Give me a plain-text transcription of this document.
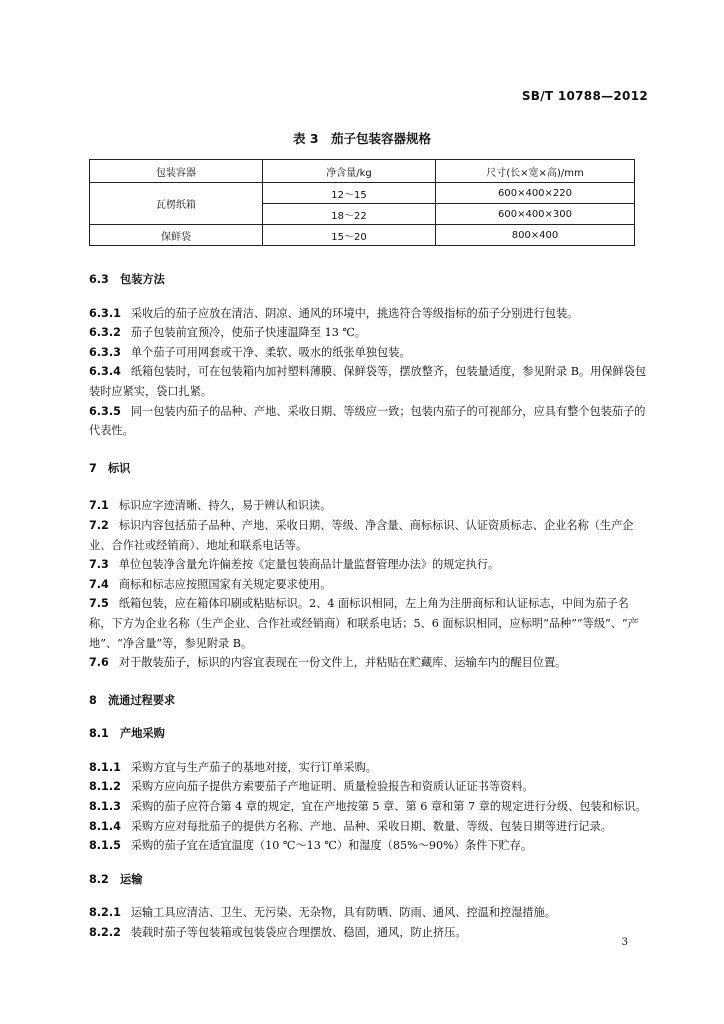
SB/T 10788—2012
表 3　茄子包装容器规格
包装容器	净含量/kg	尺寸(长×宽×高)/mm
瓦楞纸箱	12～15	600×400×220
	18～22	600×400×300
保鲜袋	15～20	800×400

6.3　包装方法

6.3.1 采收后的茄子应放在清洁、阴凉、通风的环境中，挑选符合等级指标的茄子分别进行包装。

6.3.2 茄子包装前宜预冷，使茄子快速温降至 13 ℃。

6.3.3 单个茄子可用网套或干净、柔软、吸水的纸张单独包装。

6.3.4 纸箱包装时，可在包装箱内加衬塑料薄膜、保鲜袋等，摆放整齐，包装量适度，参见附录 B。用保鲜袋包装时应紧实，袋口扎紧。

6.3.5 同一包装内茄子的品种、产地、采收日期、等级应一致；包装内茄子的可视部分，应具有整个包装茄子的代表性。

7　标识

7.1 标识应字迹清晰、持久，易于辨认和识读。

7.2 标识内容包括茄子品种、产地、采收日期、等级、净含量、商标标识、认证资质标志、企业名称（生产企业、合作社或经销商）、地址和联系电话等。

7.3 单位包装净含量允许偏差按《定量包装商品计量监督管理办法》的规定执行。

7.4 商标和标志应按照国家有关规定要求使用。

7.5 纸箱包装，应在箱体印刷或粘贴标识。2、4 面标识相同，左上角为注册商标和认证标志，中间为茄子名称，下方为企业名称（生产企业、合作社或经销商）和联系电话；5、6 面标识相同，应标明“品种”“等级”、“产地”、“净含量”等，参见附录 B。

7.6 对于散装茄子，标识的内容宜表现在一份文件上，并粘贴在贮藏库、运输车内的醒目位置。

8　流通过程要求

8.1　产地采购

8.1.1 采购方宜与生产茄子的基地对接，实行订单采购。

8.1.2 采购方应向茄子提供方索要茄子产地证明、质量检验报告和资质认证证书等资料。

8.1.3 采购的茄子应符合第 4 章的规定，宜在产地按第 5 章、第 6 章和第 7 章的规定进行分级、包装和标识。

8.1.4 采购方应对每批茄子的提供方名称、产地、品种、采收日期、数量、等级、包装日期等进行记录。

8.1.5 采购的茄子宜在适宜温度（10 ℃～13 ℃）和湿度（85%～90%）条件下贮存。

8.2　运输

8.2.1 运输工具应清洁、卫生、无污染、无杂物，具有防晒、防雨、通风、控温和控湿措施。

8.2.2 装载时茄子等包装箱或包装袋应合理摆放、稳固，通风，防止挤压。

3
